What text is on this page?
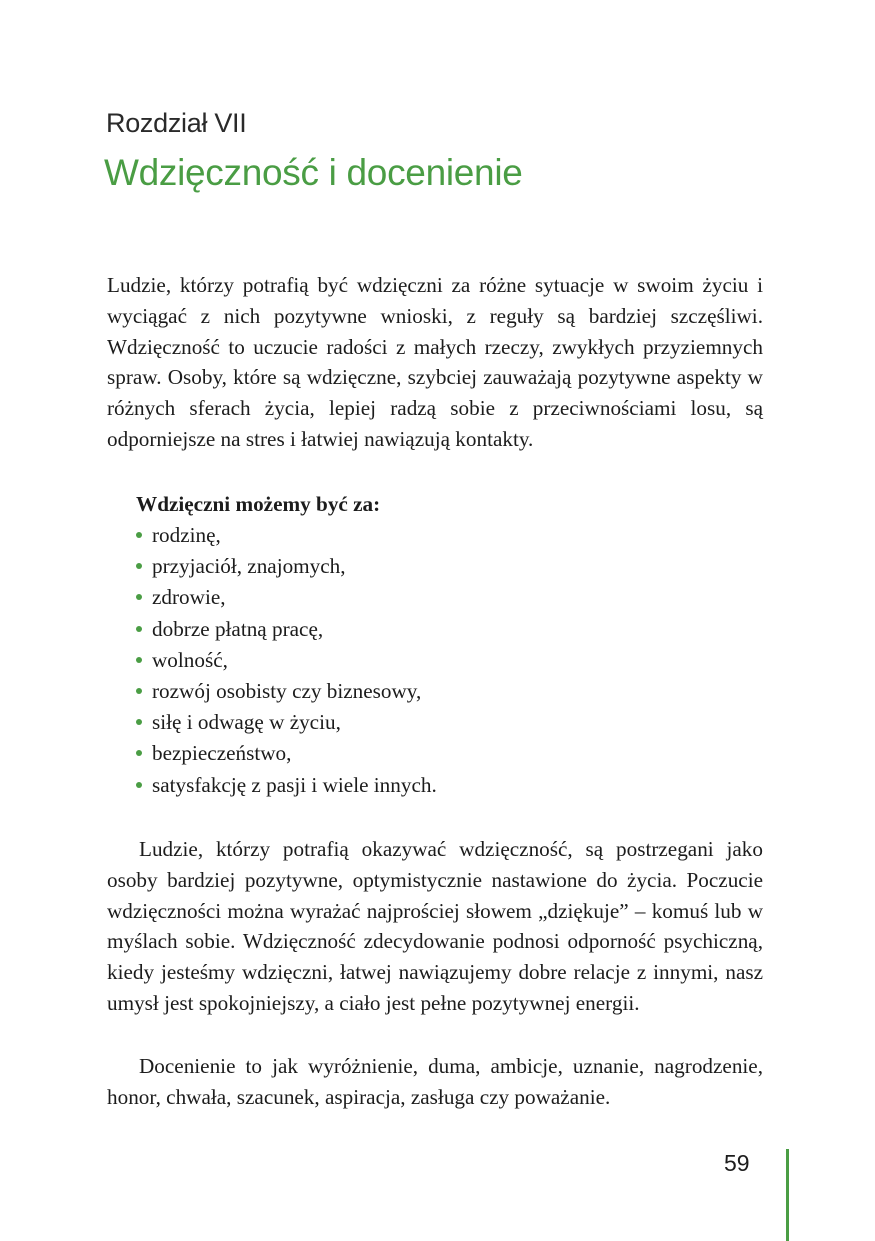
Rozdział VII
Wdzięczność i docenienie

Ludzie, którzy potrafią być wdzięczni za różne sytuacje w swoim życiu i wyciągać z nich pozytywne wnioski, z reguły są bardziej szczęśliwi. Wdzięczność to uczucie radości z małych rzeczy, zwykłych przyziemnych spraw. Osoby, które są wdzięczne, szybciej zauważają pozytywne aspekty w różnych sferach życia, lepiej radzą sobie z przeciwnościami losu, są odporniejsze na stres i łatwiej nawiązują kontakty.

Wdzięczni możemy być za:

rodzinę,
przyjaciół, znajomych,
zdrowie,
dobrze płatną pracę,
wolność,
rozwój osobisty czy biznesowy,
siłę i odwagę w życiu,
bezpieczeństwo,
satysfakcję z pasji i wiele innych.

Ludzie, którzy potrafią okazywać wdzięczność, są postrzegani jako osoby bardziej pozytywne, optymistycznie nastawione do życia. Poczucie wdzięczności można wyrażać najprościej słowem „dziękuje” – komuś lub w myślach sobie. Wdzięczność zdecydowanie podnosi odporność psychiczną, kiedy jesteśmy wdzięczni, łatwej nawiązujemy dobre relacje z innymi, nasz umysł jest spokojniejszy, a ciało jest pełne pozytywnej energii.

Docenienie to jak wyróżnienie, duma, ambicje, uznanie, nagrodzenie, honor, chwała, szacunek, aspiracja, zasługa czy poważanie.

59
